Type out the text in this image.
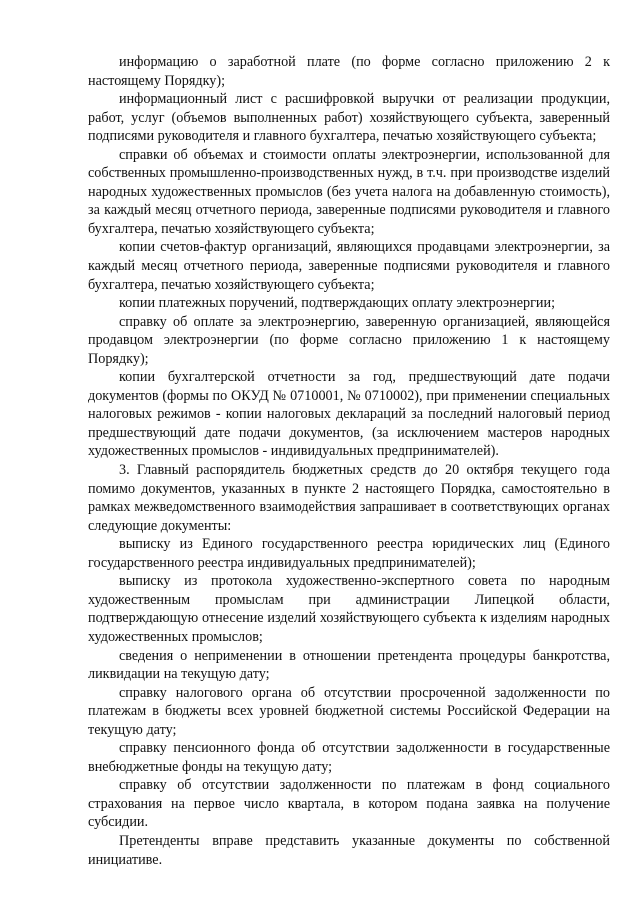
информацию о заработной плате (по форме согласно приложению 2 к настоящему Порядку);

информационный лист с расшифровкой выручки от реализации продукции, работ, услуг (объемов выполненных работ) хозяйствующего субъекта, заверенный подписями руководителя и главного бухгалтера, печатью хозяйствующего субъекта;

справки об объемах и стоимости оплаты электроэнергии, использованной для собственных промышленно-производственных нужд, в т.ч. при производстве изделий народных художественных промыслов (без учета налога на добавленную стоимость), за каждый месяц отчетного периода, заверенные подписями руководителя и главного бухгалтера, печатью хозяйствующего субъекта;

копии счетов-фактур организаций, являющихся продавцами электроэнергии, за каждый месяц отчетного периода, заверенные подписями руководителя и главного бухгалтера, печатью хозяйствующего субъекта;

копии платежных поручений, подтверждающих оплату электроэнергии;

справку об оплате за электроэнергию, заверенную организацией, являющейся продавцом электроэнергии (по форме согласно приложению 1 к настоящему Порядку);

копии бухгалтерской отчетности за год, предшествующий дате подачи документов (формы по ОКУД № 0710001, № 0710002), при применении специальных налоговых режимов - копии налоговых деклараций за последний налоговый период предшествующий дате подачи документов, (за исключением мастеров народных художественных промыслов - индивидуальных предпринимателей).

3. Главный распорядитель бюджетных средств до 20 октября текущего года помимо документов, указанных в пункте 2 настоящего Порядка, самостоятельно в рамках межведомственного взаимодействия запрашивает в соответствующих органах следующие документы:

выписку из Единого государственного реестра юридических лиц (Единого государственного реестра индивидуальных предпринимателей);

выписку из протокола художественно-экспертного совета по народным художественным промыслам при администрации Липецкой области, подтверждающую отнесение изделий хозяйствующего субъекта к изделиям народных художественных промыслов;

сведения о неприменении в отношении претендента процедуры банкротства, ликвидации на текущую дату;

справку налогового органа об отсутствии просроченной задолженности по платежам в бюджеты всех уровней бюджетной системы Российской Федерации на текущую дату;

справку пенсионного фонда об отсутствии задолженности в государственные внебюджетные фонды на текущую дату;

справку об отсутствии задолженности по платежам в фонд социального страхования на первое число квартала, в котором подана заявка на получение субсидии.

Претенденты вправе представить указанные документы по собственной инициативе.
